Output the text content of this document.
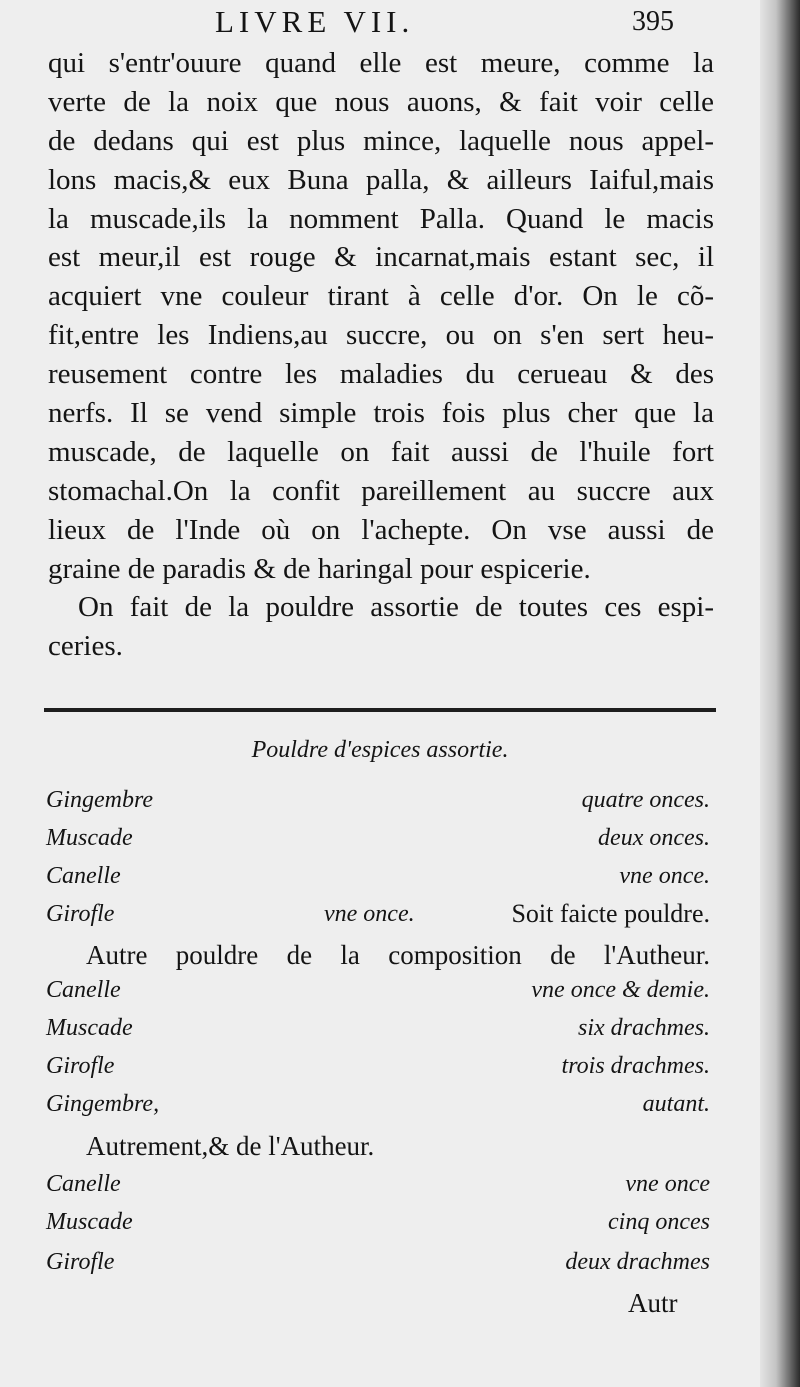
LIVRE VII.	395
qui s'entr'ouure quand elle est meure, comme la
verte de la noix que nous auons, & fait voir celle
de dedans qui est plus mince, laquelle nous appel-
lons macis,& eux Buna palla, & ailleurs Iaiful,mais
la muscade,ils la nomment Palla. Quand le macis
est meur,il est rouge & incarnat,mais estant sec, il
acquiert vne couleur tirant à celle d'or. On le cõ-
fit,entre les Indiens,au succre, ou on s'en sert heu-
reusement contre les maladies du cerueau & des
nerfs. Il se vend simple trois fois plus cher que la
muscade, de laquelle on fait aussi de l'huile fort
stomachal.On la confit pareillement au succre aux
lieux de l'Inde où on l'achepte. On vse aussi de
graine de paradis & de haringal pour espicerie.
On fait de la pouldre assortie de toutes ces espi-
ceries.
Pouldre d'espices assortie.
Gingembre	quatre onces.
Muscade	deux onces.
Canelle	vne once.
Girofle	vne once.	Soit faicte pouldre.
Autre pouldre de la composition de l'Autheur.
Canelle	vne once & demie.
Muscade	six drachmes.
Girofle	trois drachmes.
Gingembre,	autant.
Autrement,& de l'Autheur.
Canelle	vne once
Muscade	cinq onces
Girofle	deux drachmes
Autr
